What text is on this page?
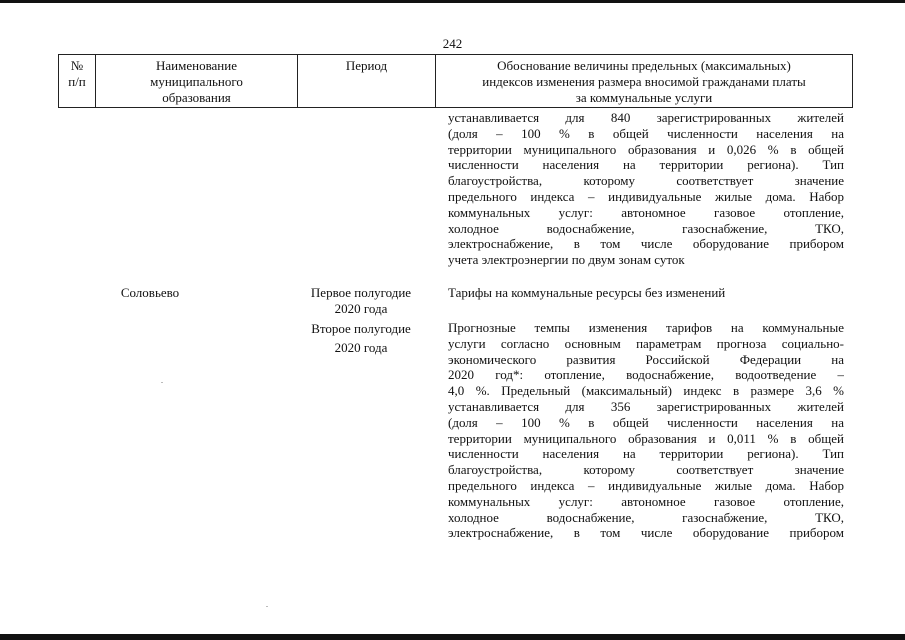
242
№
п/п
Наименование
муниципального
образования
Период	Обоснование величины предельных (максимальных)
индексов изменения размера вносимой гражданами платы
за коммунальные услуги
устанавливается для 840 зарегистрированных жителей
(доля – 100 % в общей численности населения на
территории муниципального образования и 0,026 % в общей
численности населения на территории региона). Тип
благоустройства, которому соответствует значение
предельного индекса – индивидуальные жилые дома. Набор
коммунальных услуг: автономное газовое отопление,
холодное водоснабжение, газоснабжение, ТКО,
электроснабжение, в том числе оборудование прибором
учета электроэнергии по двум зонам суток
Соловьево	Первое полугодие
2020 года
Тарифы на коммунальные ресурсы без изменений
Второе полугодие
2020 года
Прогнозные темпы изменения тарифов на коммунальные
услуги согласно основным параметрам прогноза социально-
экономического развития Российской Федерации на
2020 год*: отопление, водоснабжение, водоотведение –
4,0 %. Предельный (максимальный) индекс в размере 3,6 %
устанавливается для 356 зарегистрированных жителей
(доля – 100 % в общей численности населения на
территории муниципального образования и 0,011 % в общей
численности населения на территории региона). Тип
благоустройства, которому соответствует значение
предельного индекса – индивидуальные жилые дома. Набор
коммунальных услуг: автономное газовое отопление,
холодное водоснабжение, газоснабжение, ТКО,
электроснабжение, в том числе оборудование прибором
